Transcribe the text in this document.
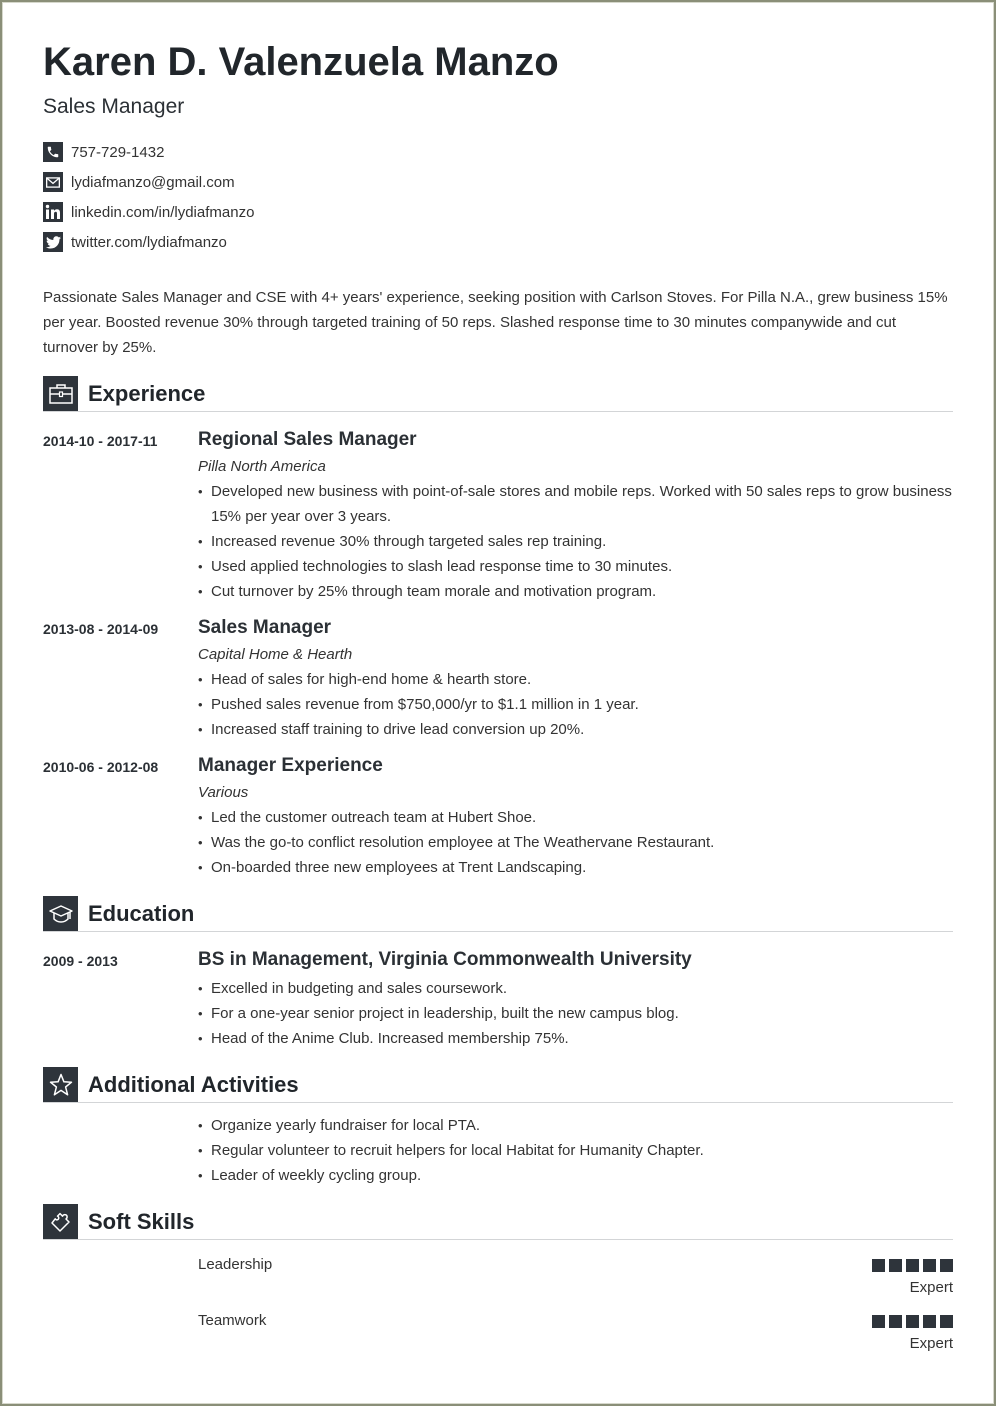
Karen D. Valenzuela Manzo
Sales Manager
757-729-1432
lydiafmanzo@gmail.com
linkedin.com/in/lydiafmanzo
twitter.com/lydiafmanzo

Passionate Sales Manager and CSE with 4+ years' experience, seeking position with Carlson Stoves. For Pilla N.A., grew business 15% per year. Boosted revenue 30% through targeted training of 50 reps. Slashed response time to 30 minutes companywide and cut turnover by 25%.

Experience
2014-10 - 2017-11	Regional Sales Manager
Pilla North America
• Developed new business with point-of-sale stores and mobile reps. Worked with 50 sales reps to grow business 15% per year over 3 years.
• Increased revenue 30% through targeted sales rep training.
• Used applied technologies to slash lead response time to 30 minutes.
• Cut turnover by 25% through team morale and motivation program.
2013-08 - 2014-09	Sales Manager
Capital Home & Hearth
• Head of sales for high-end home & hearth store.
• Pushed sales revenue from $750,000/yr to $1.1 million in 1 year.
• Increased staff training to drive lead conversion up 20%.
2010-06 - 2012-08	Manager Experience
Various
• Led the customer outreach team at Hubert Shoe.
• Was the go-to conflict resolution employee at The Weathervane Restaurant.
• On-boarded three new employees at Trent Landscaping.
Education
2009 - 2013	BS in Management, Virginia Commonwealth University
• Excelled in budgeting and sales coursework.
• For a one-year senior project in leadership, built the new campus blog.
• Head of the Anime Club. Increased membership 75%.
Additional Activities
• Organize yearly fundraiser for local PTA.
• Regular volunteer to recruit helpers for local Habitat for Humanity Chapter.
• Leader of weekly cycling group.
Soft Skills
Leadership
Expert
Teamwork
Expert
